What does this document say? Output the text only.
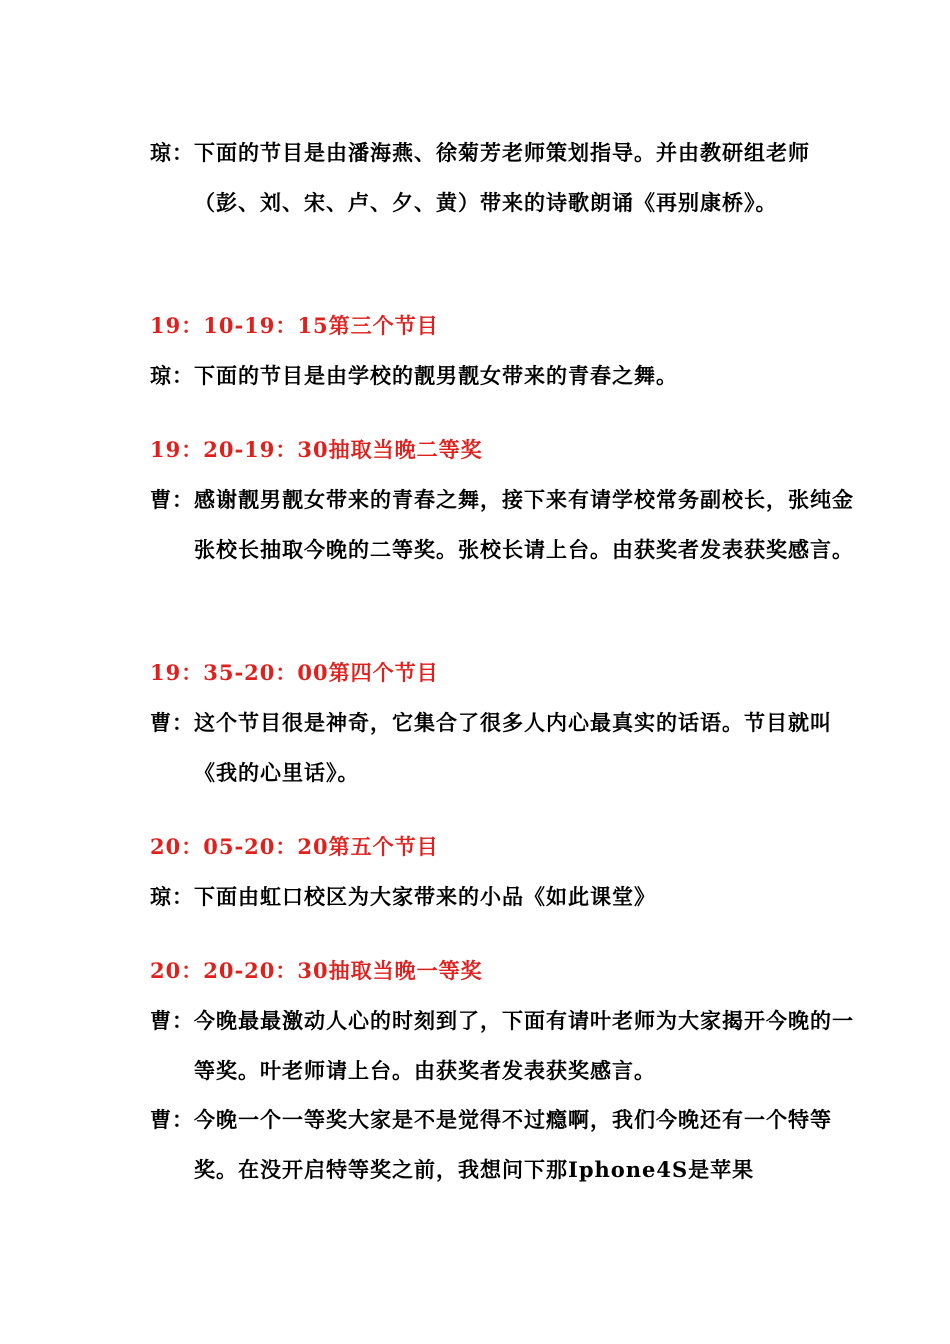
琼：下面的节目是由潘海燕、徐菊芳老师策划指导。并由教研组老师（彭、刘、宋、卢、夕、黄）带来的诗歌朗诵《再别康桥》。
19：10-19：15第三个节目
琼：下面的节目是由学校的靓男靓女带来的青春之舞。
19：20-19：30抽取当晚二等奖
曹：感谢靓男靓女带来的青春之舞，接下来有请学校常务副校长，张纯金张校长抽取今晚的二等奖。张校长请上台。由获奖者发表获奖感言。
19：35-20：00第四个节目
曹：这个节目很是神奇，它集合了很多人内心最真实的话语。节目就叫《我的心里话》。
20：05-20：20第五个节目
琼：下面由虹口校区为大家带来的小品《如此课堂》
20：20-20：30抽取当晚一等奖
曹：今晚最最激动人心的时刻到了，下面有请叶老师为大家揭开今晚的一等奖。叶老师请上台。由获奖者发表获奖感言。
曹：今晚一个一等奖大家是不是觉得不过瘾啊，我们今晚还有一个特等奖。在没开启特等奖之前，我想问下那Iphone4S是苹果
